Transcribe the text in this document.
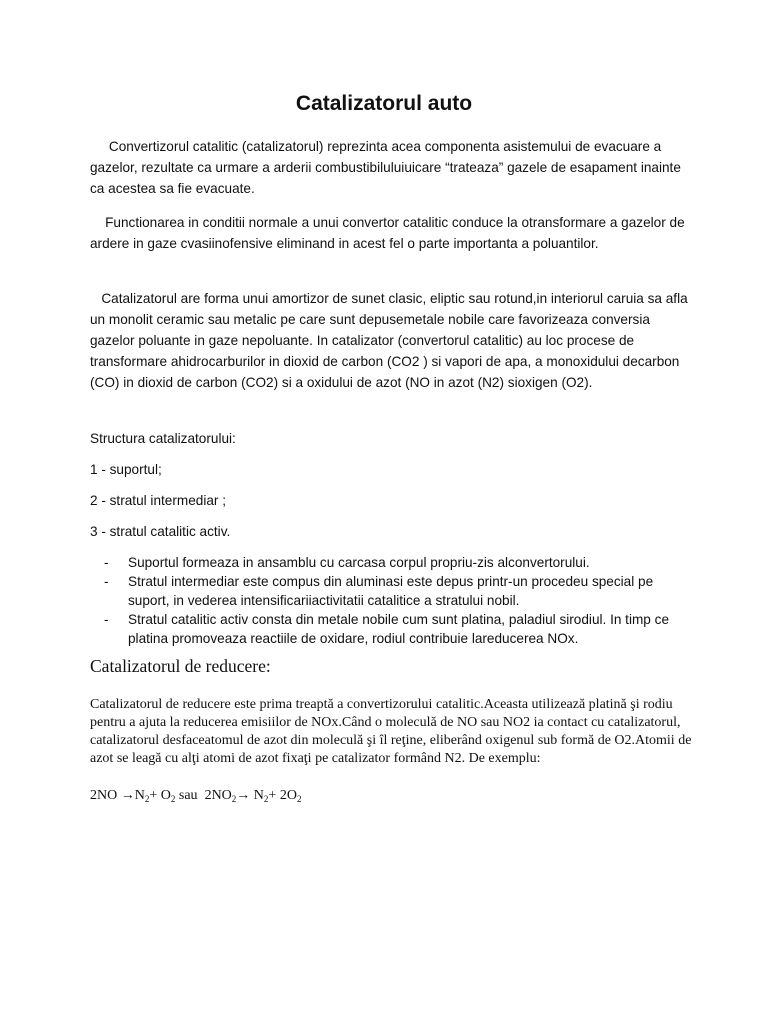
Catalizatorul auto

Convertizorul catalitic (catalizatorul) reprezinta acea componenta asistemului de evacuare a gazelor, rezultate ca urmare a arderii combustibilului​uicare “trateaza” gazele de esapament inainte ca acestea sa fie evacuate.

Functionarea in conditii normale a unui convertor catalitic conduce la otransformare a gazelor de ardere in gaze cvasiinofensive eliminand in acest fel o parte importanta a poluantilor.

Catalizatorul are forma unui amortizor de sunet clasic, eliptic sau rotund,in interiorul caruia sa afla un monolit ceramic sau metalic pe care sunt depusemetale nobile care favorizeaza conversia gazelor poluante in gaze nepoluante. In catalizator (convertorul catalitic) au loc procese de transformare ahidrocarburilor in dioxid de carbon (CO2 ) si vapori de apa, a monoxidului decarbon (CO) in dioxid de carbon (CO2) si a oxidului de azot (NO in azot (N2) sioxigen (O2).

Structura catalizatorului:

1 - suportul;

2 - stratul intermediar ;

3 - stratul catalitic activ.

- Suportul formeaza in ansamblu cu carcasa corpul propriu-zis alconvertorului.
- Stratul intermediar este compus din aluminasi este depus printr-un procedeu special pe suport, in vederea intensificariiactivitatii catalitice a stratului nobil.
- Stratul catalitic activ consta din metale nobile cum sunt platina, paladiul sirodiul. In timp ce platina promoveaza reactiile de oxidare, rodiul contribuie lareducerea NOx.
Catalizatorul de reducere:

Catalizatorul de reducere este prima treaptă a convertizorului catalitic.Aceasta utilizează platină şi rodiu pentru a ajuta la reducerea emisiilor de NOx.Când o moleculă de NO sau NO2 ia contact cu catalizatorul, catalizatorul desfaceatomul de azot din moleculă şi îl reţine, eliberând oxigenul sub formă de O2.Atomii de azot se leagă cu alţi atomi de azot fixaţi pe catalizator formând N2. De exemplu:

$2NO \to N_2+ O_2$ sau $2NO_2\to N_2+ 2O_2$
